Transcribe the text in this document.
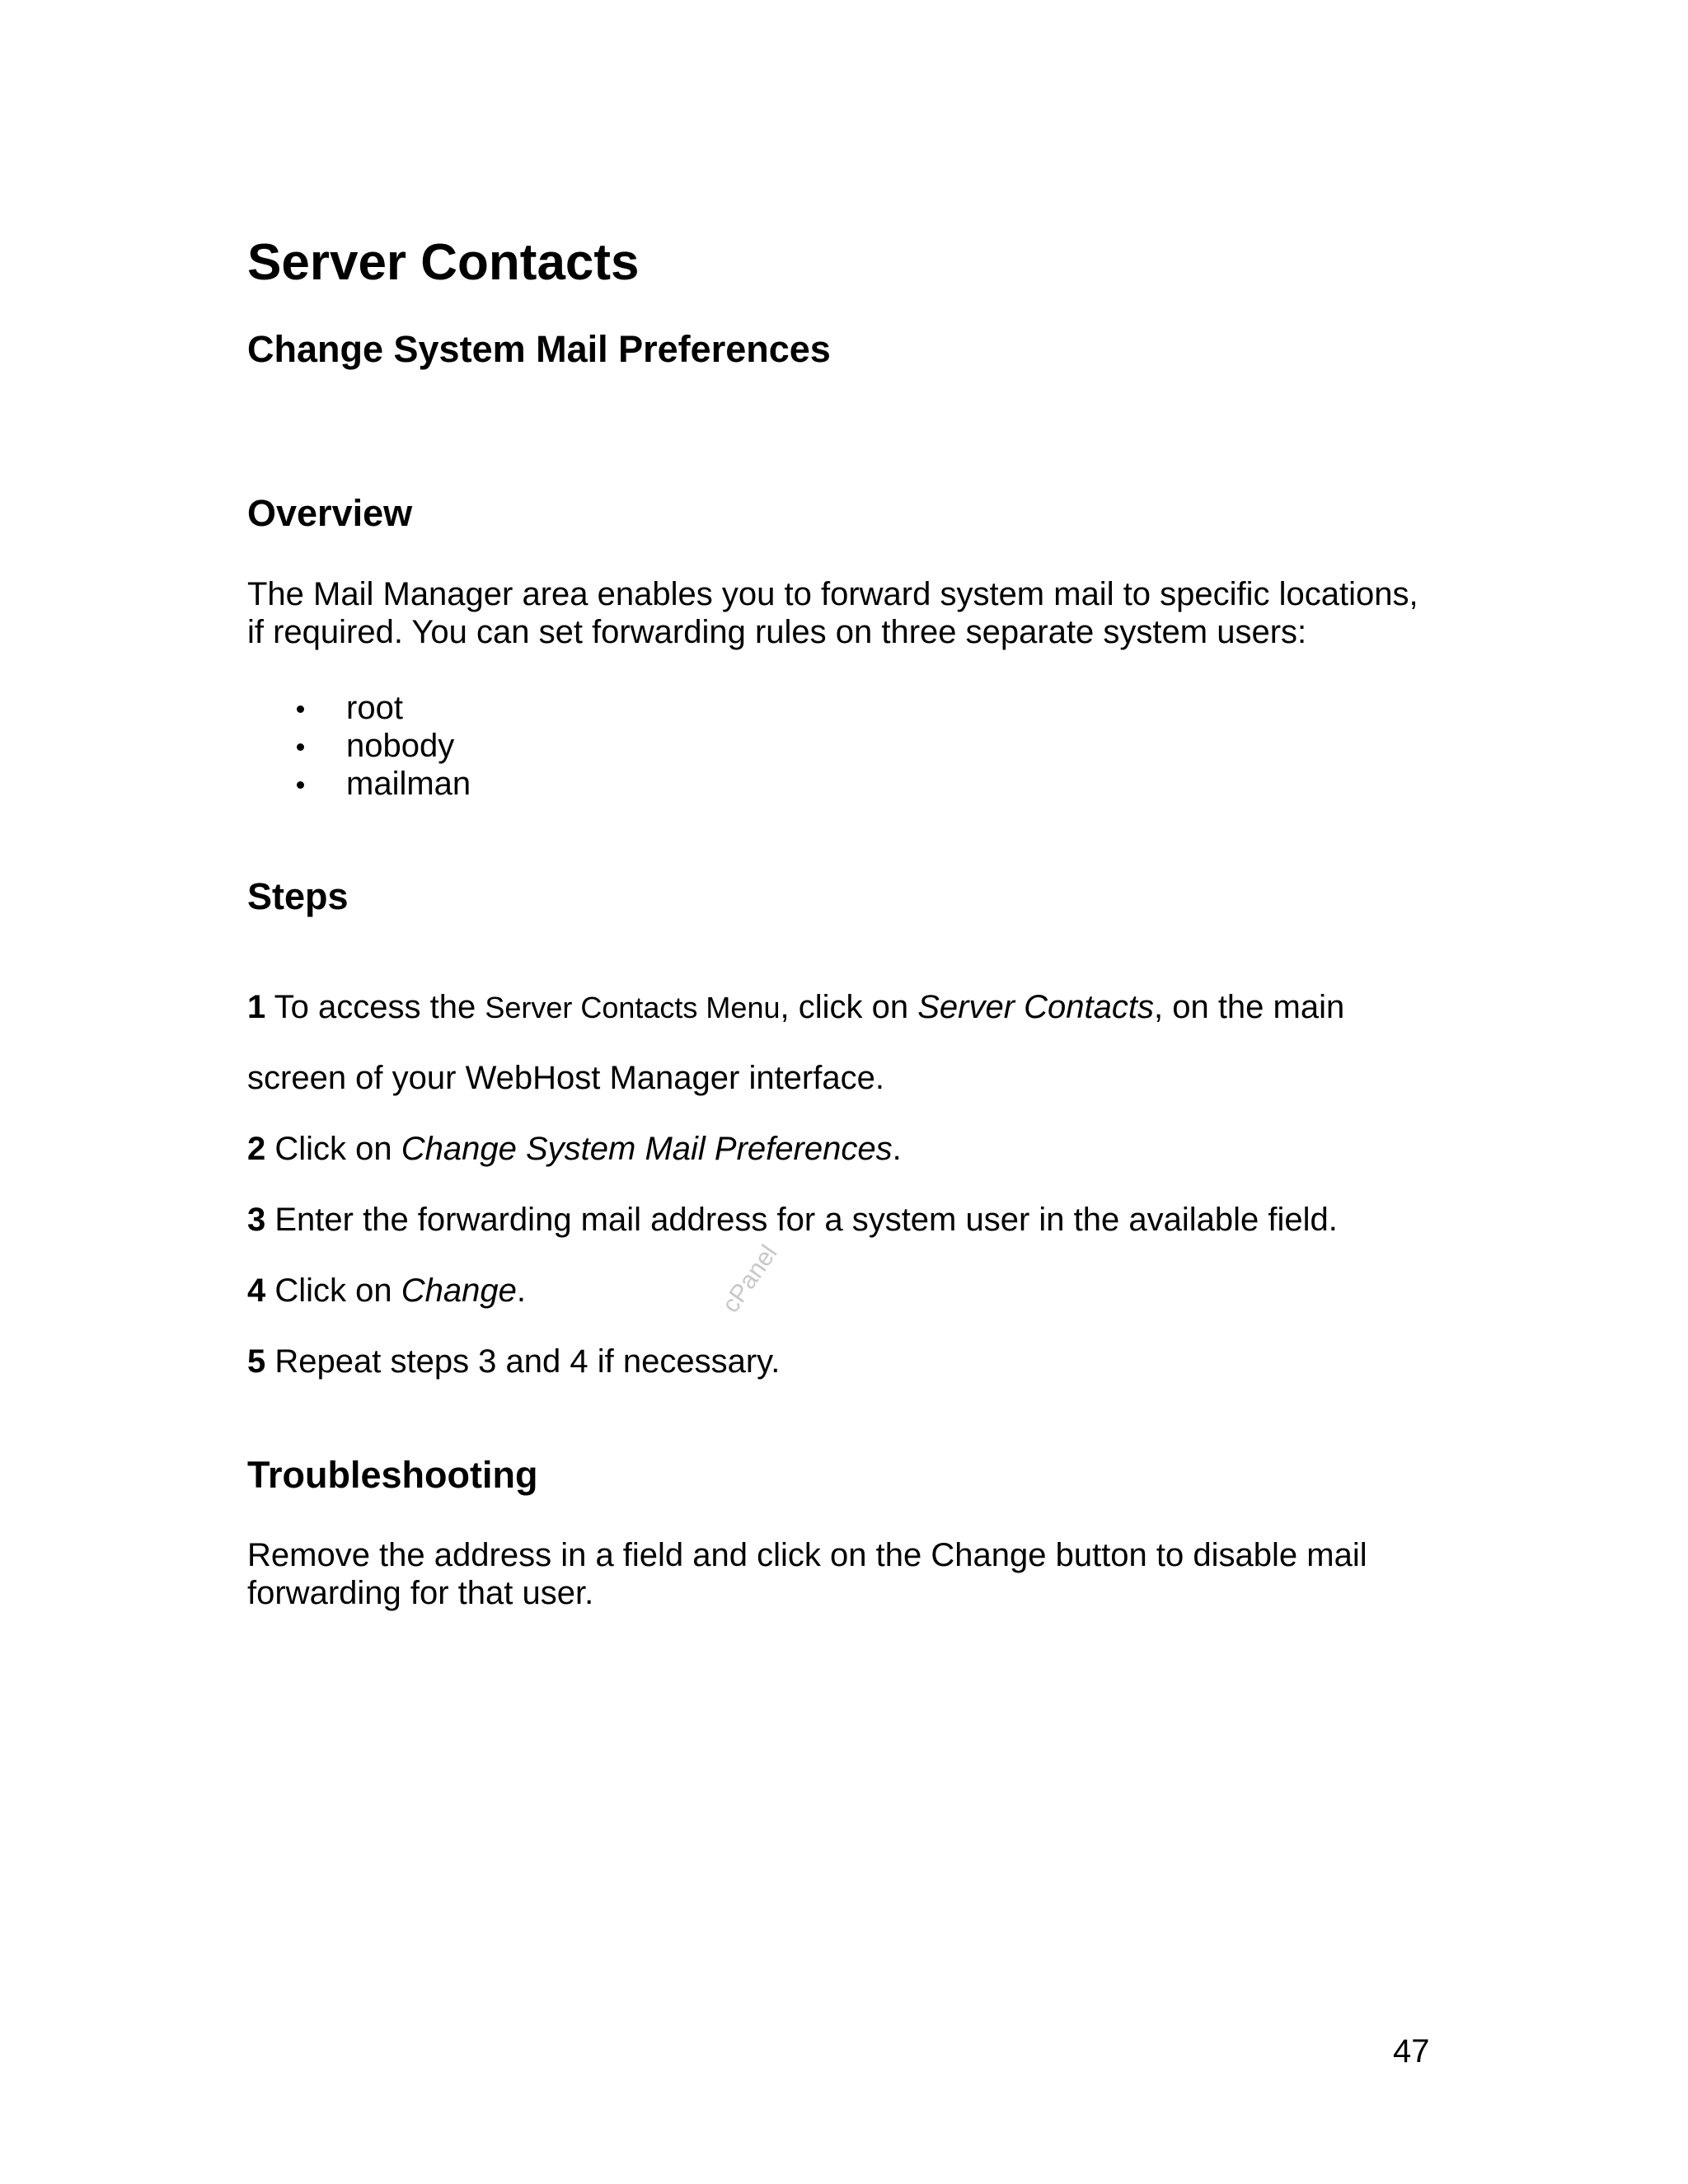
Server Contacts
Change System Mail Preferences
Overview

The Mail Manager area enables you to forward system mail to specific locations,
if required. You can set forwarding rules on three separate system users:

root
nobody
mailman
Steps

1 To access the Server Contacts Menu, click on Server Contacts, on the main

screen of your WebHost Manager interface.

2 Click on Change System Mail Preferences.

3 Enter the forwarding mail address for a system user in the available field.

4 Click on Change.

5 Repeat steps 3 and 4 if necessary.

Troubleshooting

Remove the address in a field and click on the Change button to disable mail
forwarding for that user.

cPanel
47
